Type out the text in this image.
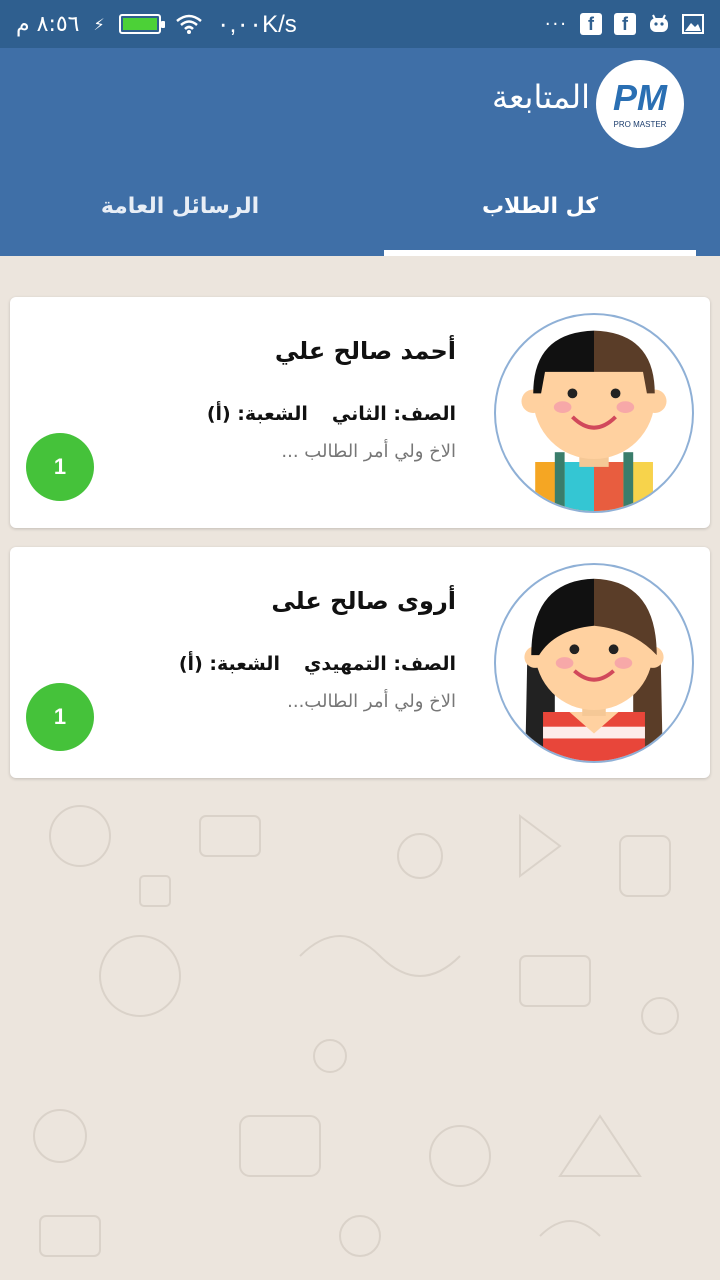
٨:٥٦ م ⚡	٠,٠٠K/s	···	f	f
PM
PRO MASTER
المتابعة
كل الطلاب
الرسائل العامة
أحمد صالح علي
الصف: الثاني
الشعبة: (أ)
الاخ ولي أمر الطالب ...
1
أروى صالح على
الصف: التمهيدي
الشعبة: (أ)
الاخ ولي أمر الطالب...
1
